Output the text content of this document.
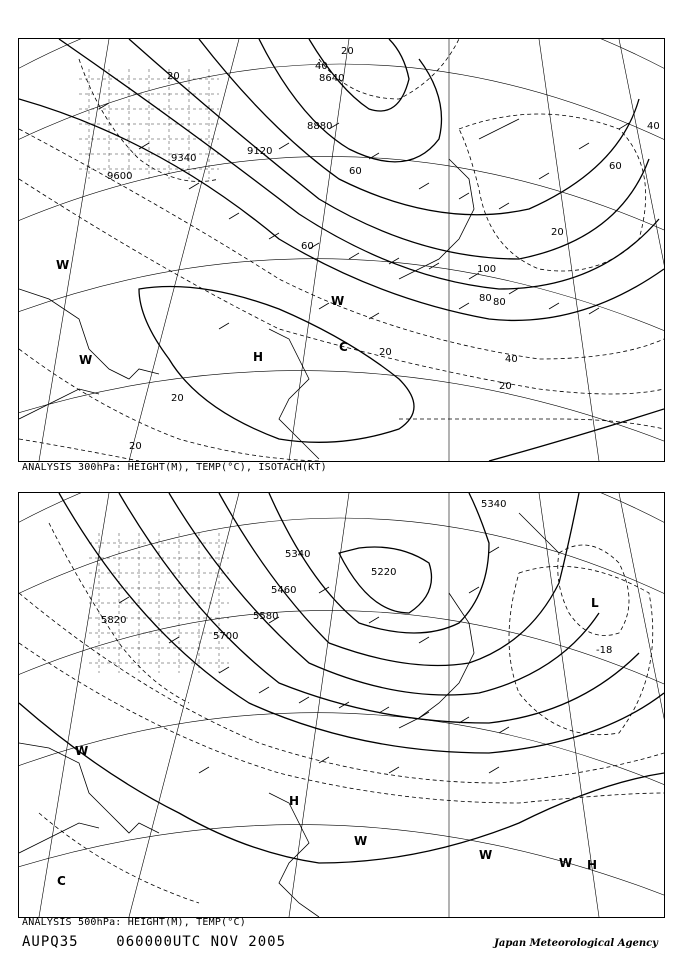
9600
9340
9120
8880
8640
20
40
60
80
100
60
40
20
20
20
20
40
80
60
20
20
H
C
W
W
W
ANALYSIS 300hPa: HEIGHT(M), TEMP(°C), ISOTACH(KT)
5820
5700
5580
5460
5340
5220
5340
-18
L
W
W
W
W H
H
C
ANALYSIS 500hPa: HEIGHT(M), TEMP(°C)
AUPQ35	060000UTC NOV 2005	Japan Meteorological Agency
